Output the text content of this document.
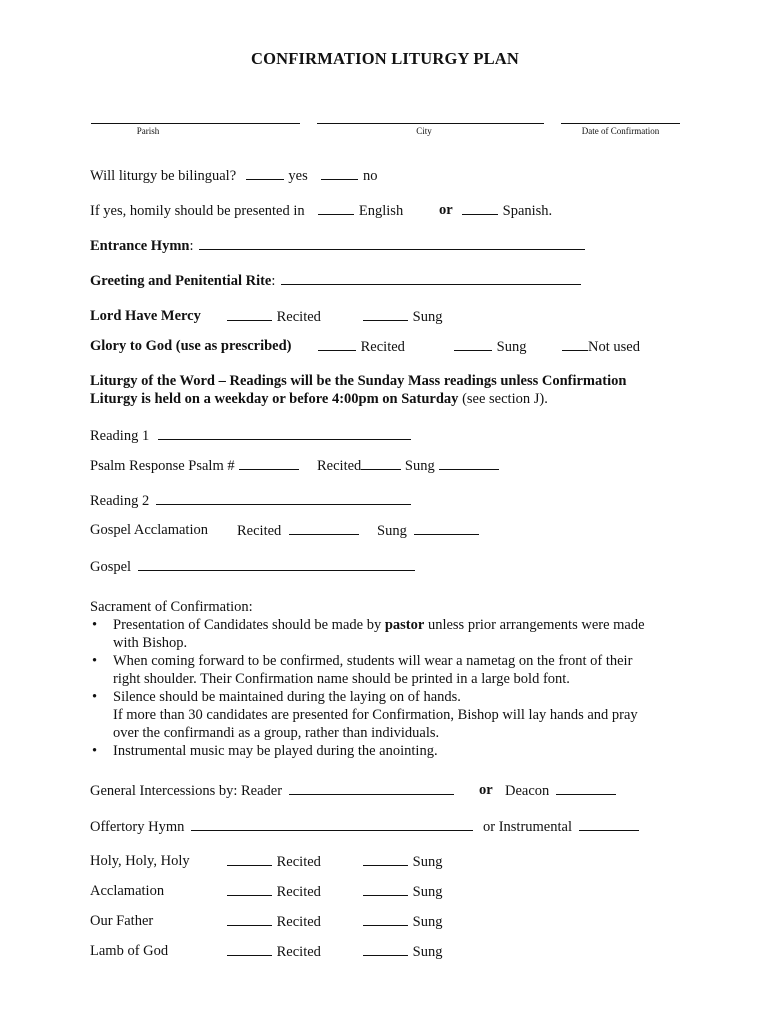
CONFIRMATION LITURGY PLAN
Parish	City	Date of Confirmation
Will liturgy be bilingual?	yes	no
If yes, homily should be presented in	English or	Spanish.
Entrance Hymn:
Greeting and Penitential Rite:
Lord Have Mercy	Recited	Sung
Glory to God (use as prescribed)	Recited	Sung	Not used
Liturgy of the Word – Readings will be the Sunday Mass readings unless Confirmation
Liturgy is held on a weekday or before 4:00pm on Saturday (see section J).
Reading 1
Psalm Response Psalm #	Recited	Sung
Reading 2
Gospel Acclamation Recited	Sung
Gospel
Sacrament of Confirmation:
• Presentation of Candidates should be made by pastor unless prior arrangements were made
with Bishop.
• When coming forward to be confirmed, students will wear a nametag on the front of their
right shoulder. Their Confirmation name should be printed in a large bold font.
• Silence should be maintained during the laying on of hands.
If more than 30 candidates are presented for Confirmation, Bishop will lay hands and pray
over the confirmandi as a group, rather than individuals.
• Instrumental music may be played during the anointing.
General Intercessions by: Reader	or Deacon
Offertory Hymn	or Instrumental
Holy, Holy, Holy	Recited	Sung
Acclamation	Recited	Sung
Our Father	Recited	Sung
Lamb of God	Recited	Sung
